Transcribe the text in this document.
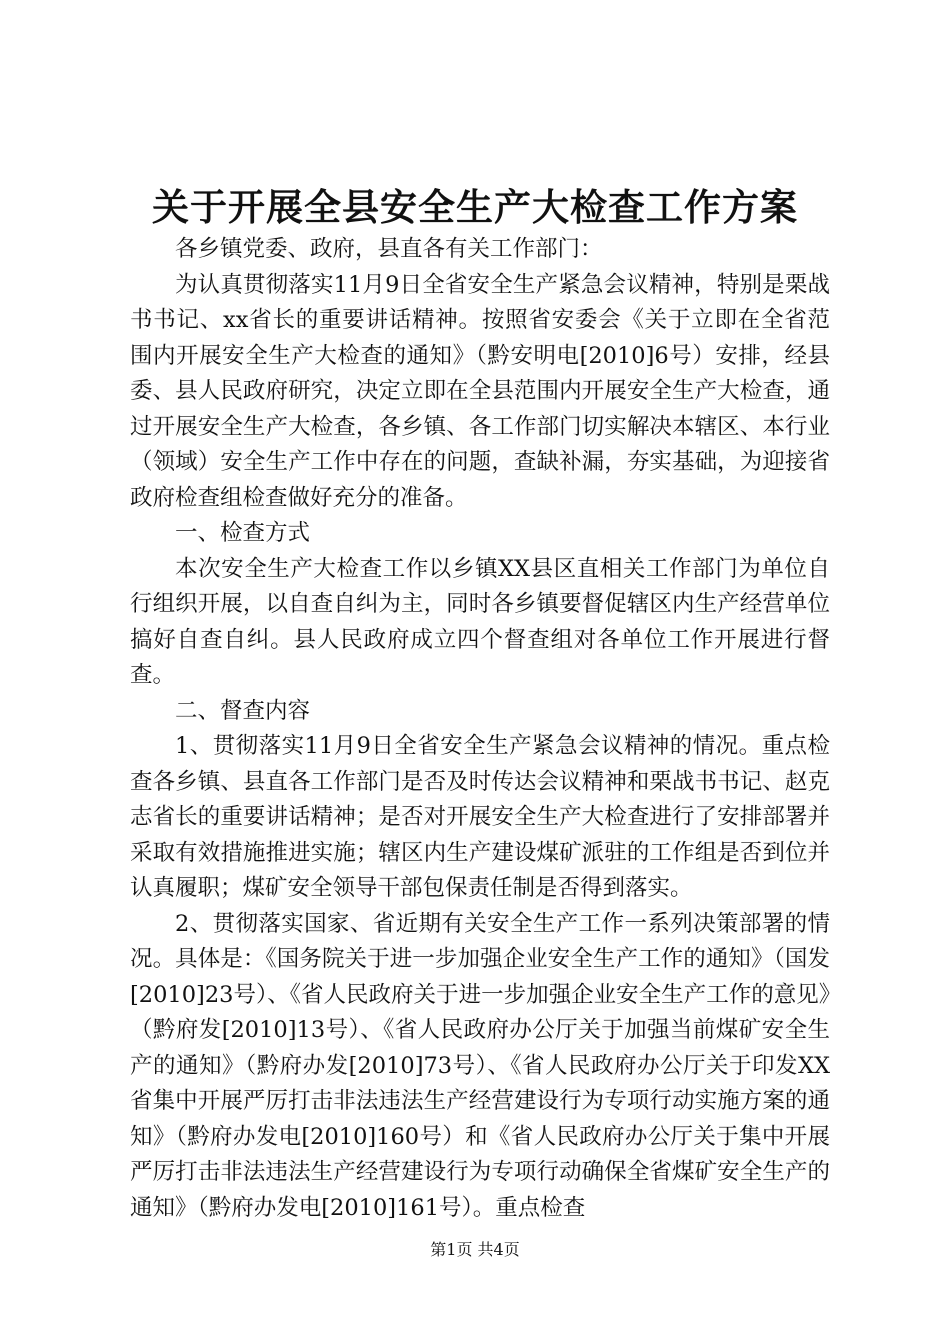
关于开展全县安全生产大检查工作方案

各乡镇党委、政府，县直各有关工作部门：

为认真贯彻落实11月9日全省安全生产紧急会议精神，特别是栗战书书记、xx省长的重要讲话精神。按照省安委会《关于立即在全省范围内开展安全生产大检查的通知》（黔安明电[2010]6号）安排，经县委、县人民政府研究，决定立即在全县范围内开展安全生产大检查，通过开展安全生产大检查，各乡镇、各工作部门切实解决本辖区、本行业（领域）安全生产工作中存在的问题，查缺补漏，夯实基础，为迎接省政府检查组检查做好充分的准备。

一、检查方式

本次安全生产大检查工作以乡镇XX县区直相关工作部门为单位自行组织开展，以自查自纠为主，同时各乡镇要督促辖区内生产经营单位搞好自查自纠。县人民政府成立四个督查组对各单位工作开展进行督查。

二、督查内容

1、贯彻落实11月9日全省安全生产紧急会议精神的情况。重点检查各乡镇、县直各工作部门是否及时传达会议精神和栗战书书记、赵克志省长的重要讲话精神；是否对开展安全生产大检查进行了安排部署并采取有效措施推进实施；辖区内生产建设煤矿派驻的工作组是否到位并认真履职；煤矿安全领导干部包保责任制是否得到落实。

2、贯彻落实国家、省近期有关安全生产工作一系列决策部署的情况。具体是：《国务院关于进一步加强企业安全生产工作的通知》（国发[2010]23号）、《省人民政府关于进一步加强企业安全生产工作的意见》（黔府发[2010]13号）、《省人民政府办公厅关于加强当前煤矿安全生产的通知》（黔府办发[2010]73号）、《省人民政府办公厅关于印发XX省集中开展严厉打击非法违法生产经营建设行为专项行动实施方案的通知》（黔府办发电[2010]160号）和《省人民政府办公厅关于集中开展严厉打击非法违法生产经营建设行为专项行动确保全省煤矿安全生产的通知》（黔府办发电[2010]161号）。重点检查

第1页 共4页
